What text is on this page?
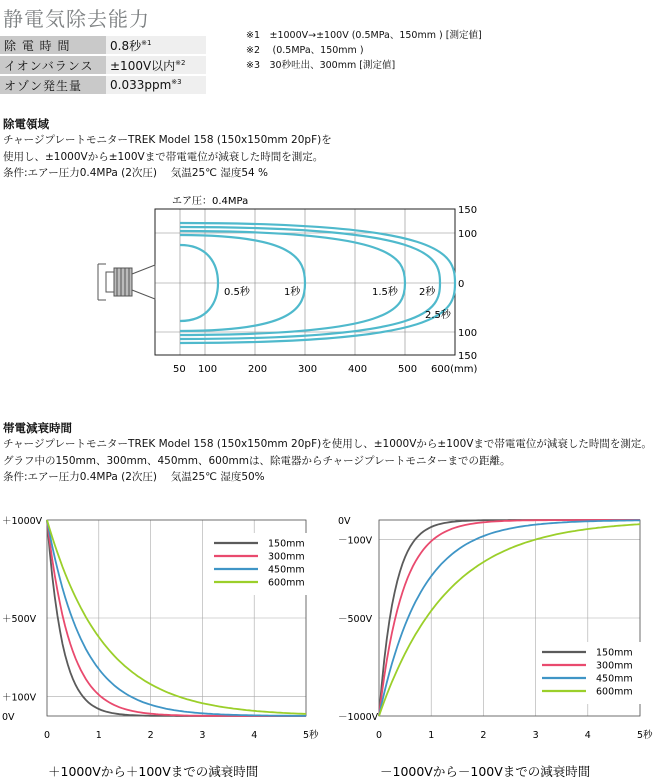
静電気除去能力
除 電 時 間	0.8秒$^{※1}$
イオンバランス	±100V以内$^{※2}$
オゾン発生量	0.033ppm$^{※3}$
※1　±1000V→±100V (0.5MPa、150mm ) [測定値]
※2　 (0.5MPa、150mm )
※3　30秒吐出、300mm [測定値]
除電領域
チャージプレートモニターTREK Model 158 (150x150mm 20pF)を
使用し、±1000Vから±100Vまで帯電電位が減衰した時間を測定。
条件:エアー圧力0.4MPa (2次圧)　 気温25℃ 湿度54 %
50 100	200	300	400	500 600(mm)
150
100
0
100
150
エア圧：0.4MPa
0.5秒	1秒	1.5秒 2秒
2.5秒
帯電減衰時間
チャージプレートモニターTREK Model 158 (150x150mm 20pF)を使用し、±1000Vから±100Vまで帯電電位が減衰した時間を測定。
グラフ中の150mm、300mm、450mm、600mmは、除電器からチャージプレートモニターまでの距離。
条件:エアー圧力0.4MPa (2次圧)　 気温25℃ 湿度50%
0	1	2	3	4	5秒
＋1000V
＋500V
＋100V
0V
150mm
300mm
450mm
600mm
＋1000Vから＋100Vまでの減衰時間
0	1	2	3	4	5秒
0V
－100V
－500V
－1000V
150mm
300mm
450mm
600mm
－1000Vから－100Vまでの減衰時間
